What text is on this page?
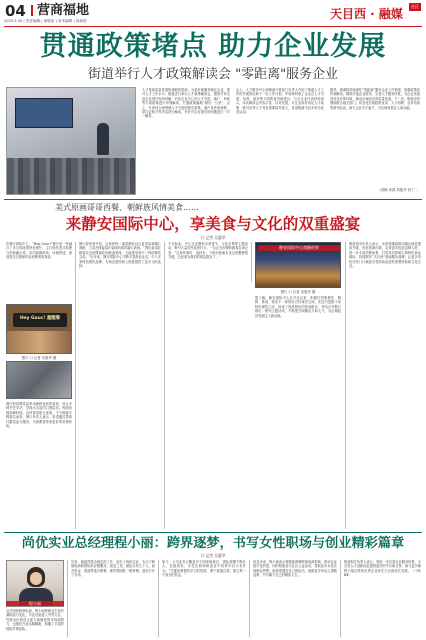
04 营商福地
2025.5.30 | 责任编辑 | 徐继如 | 美术编辑 | 何新悦	天目西 · 融媒 社区
贯通政策堵点 助力企业发展
街道举行人才政策解读会 "零距离"服务企业
人才是高质量发展的战略性资源。为更好地服务辖区企业，提升人才工作水平，街道近日举办人才政策解读会，邀请专家走进企业进行现场讲解，对应企业关心的人才引进、落户、补贴等方面政策进行详细解读，打通政策落地“最后一公里”。会上，专家结合案例就人才引进的相关政策、落户条件和流程、居住证积分等内容进行解读，并针对企业提出的问题进行一对一解答。
会上，人才服务中心和街道分管部门负责人介绍了街道人才工作的开展情况和下一步工作计划，并现场听取了企业在人才引进、培养、留用等方面的意见和建议。与会企业代表纷纷表示，本次解读会内容丰富、针对性强，对企业用好用足人才政策、吸引优秀人才具有重要指导意义，希望街道今后多举办此类活动。
据悉，街道将持续深化“零距离”服务企业工作机制，加强政策宣传和解读，精准对接企业需求，完善人才服务体系，为企业发展营造良好的环境，推动区域经济高质量发展。下一步，街道还将继续联合相关部门，常态化开展政策宣讲、人才招聘、业务培训等系列活动，助力企业引才留才，为区域发展注入新动能。
（供稿 来源 刘振华 供 广 ）
美式原画哥哥西餐、朝鲜族风情美食……
来静安国际中心，享美食与文化的双重盛宴
口 记者 吴惠华
在静安国际中心，“Hey Gauc!”餐厅是一家融合了多元风味的特色餐厅，主打现代美式料理与创意融合菜，店内装修时尚，环境舒适，深受周边白领和年轻消费者的喜爱。
Hey Gauc! 墨醒餐
图片 口 记者 吴惠华 摄
餐厅的招牌菜品采用新鲜优质的食材，结合多种烹饪手法，呈现出丰富的口感层次。每到用餐高峰时段，店内常常座无虚席，不少顾客专程慕名而来。餐厅负责人表示，希望通过持续打磨菜品与服务，为消费者带来更好的用餐体验。
餐厅经营者介绍，这里的每一道菜都经过反复试验和精心调配，力求在保留原汁原味的同时融入新意。“我们希望让顾客在这里既能吃到地道美味，又能感受到不一样的餐饮文化。”近年来，静安国际中心不断丰富商业业态，引入多家特色餐饮品牌，为周边居民和上班族提供了更多元的选择。
不仅如此，中心还定期举办美食节、文化市集等主题活动，吸引大量市民前来打卡。一位正在用餐的顾客告诉记者：“这里环境好、选择多，下班后和朋友来这里聚餐很方便，已经成为我们的固定据点了。”
静安国际中心商圈夜景
图片 口 记者 吴惠华 摄
据了解，静安国际中心自开业以来，积极打造集餐饮、购物、休闲、娱乐于一体的综合性城市空间，先后引进数十家特色餐饮门店，形成了独具特色的美食街区，并结合节假日推出一系列主题活动，不断提升商圈活力和人气，为区域经济发展注入新动能。
街道相关负责人表示，未来将继续推动辖区商业提质升级，优化营商环境，支持更多优质品牌入驻，进一步丰富消费场景，打造具有影响力的特色商业地标，持续擦亮“天目西”营商服务品牌，让更多市民在家门口就能享受到高品质的消费体验和文化生活。
尚优实业总经理程小丽：跨界逐梦，书写女性职场与创业精彩篇章
口 记者 吴惠华
程小丽
从法国到跨境电商，程小丽的职业生涯充满挑战与变化。毕业后她进入外贸行业，凭借出色的语言能力和敏锐的市场洞察力，迅速在行业站稳脚跟，积累了丰富的国际贸易经验。
后来，她毅然辞去稳定的工作，创办了尚优实业，专注于跨境电商和国际供应链服务。创业之初，团队仅有几个人，面对资金、渠道等诸多困难，她带领团队一路拼搏，逐步打开了市场。
如今，公司业务已覆盖多个国家和地区，团队规模不断壮大。在她看来，女性在职场和创业中同样可以大有作为。“关键是要保持学习的热情，勇于挑战自我，抓住每一个成长的机会。”
谈及未来，程小丽表示将继续深耕跨境电商领域，推动企业数字化转型，同时积极参与社区公益活动，帮助更多女性实现职业梦想。她希望通过自己的经历，鼓励更多年轻人勇敢追梦，书写属于自己的精彩人生。
街道相关负责人表示，将进一步完善企业服务体系，为各类人才创新创业提供更好的平台和支持，助力更多像程小丽这样的优秀企业家在天目西成长发展。（下转B4）
